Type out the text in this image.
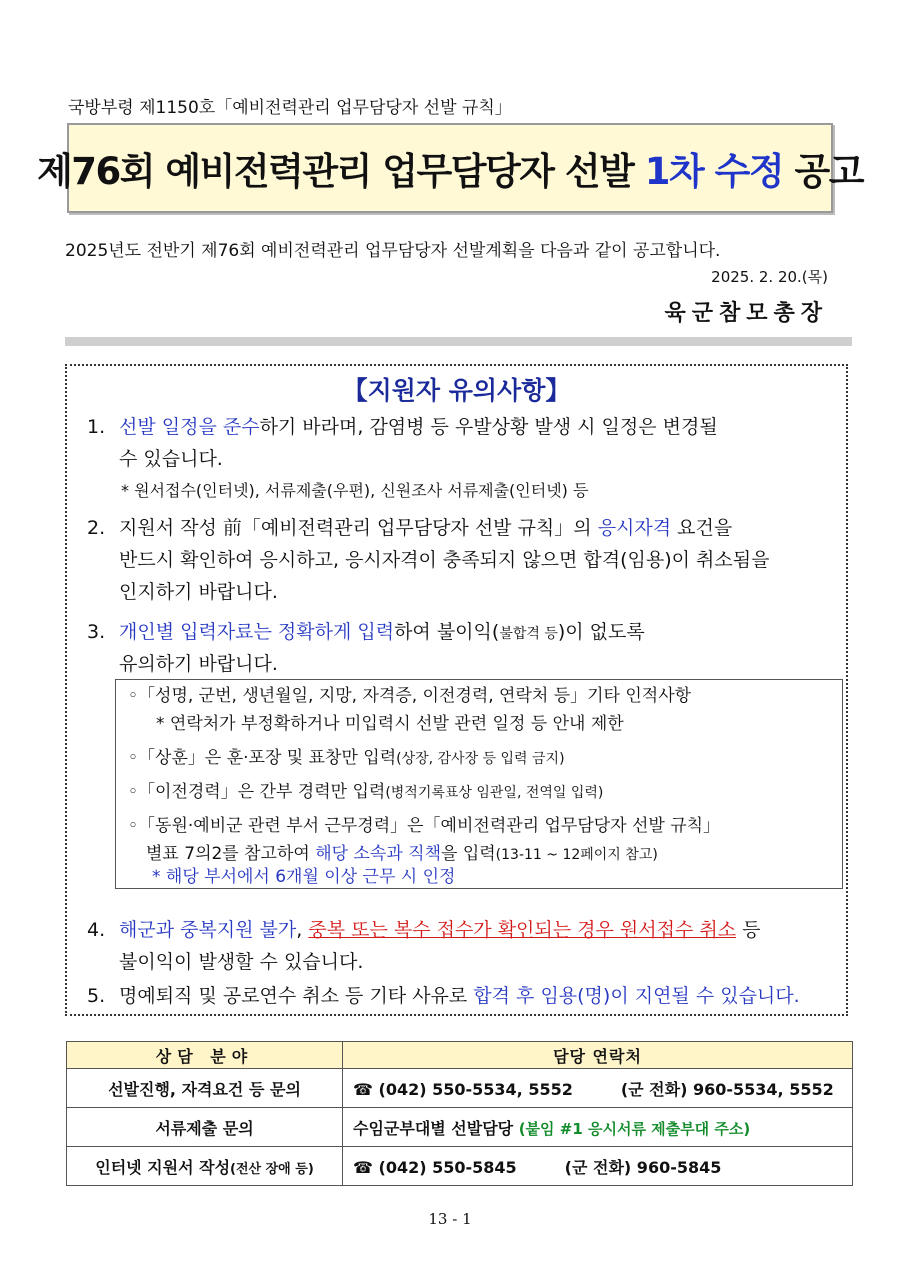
국방부령 제1150호「예비전력관리 업무담당자 선발 규칙」
제76회 예비전력관리 업무담당자 선발 1차 수정 공고
2025년도 전반기 제76회 예비전력관리 업무담당자 선발계획을 다음과 같이 공고합니다.
2025. 2. 20.(목)
육군참모총장
【지원자 유의사항】
1. 선발 일정을 준수하기 바라며, 감염병 등 우발상황 발생 시 일정은 변경될
수 있습니다.
* 원서접수(인터넷), 서류제출(우편), 신원조사 서류제출(인터넷) 등
2. 지원서 작성 前「예비전력관리 업무담당자 선발 규칙」의 응시자격 요건을
반드시 확인하여 응시하고, 응시자격이 충족되지 않으면 합격(임용)이 취소됨을
인지하기 바랍니다.
3. 개인별 입력자료는 정확하게 입력하여 불이익(불합격 등)이 없도록
유의하기 바랍니다.
◦「성명, 군번, 생년월일, 지망, 자격증, 이전경력, 연락처 등」기타 인적사항
* 연락처가 부정확하거나 미입력시 선발 관련 일정 등 안내 제한
◦「상훈」은 훈·포장 및 표창만 입력(상장, 감사장 등 입력 금지)
◦「이전경력」은 간부 경력만 입력(병적기록표상 임관일, 전역일 입력)
◦「동원·예비군 관련 부서 근무경력」은「예비전력관리 업무담당자 선발 규칙」
별표 7의2를 참고하여 해당 소속과 직책을 입력(13-11 ~ 12페이지 참고)
* 해당 부서에서 6개월 이상 근무 시 인정
4. 해군과 중복지원 불가, 중복 또는 복수 접수가 확인되는 경우 원서접수 취소 등
불이익이 발생할 수 있습니다.
5. 명예퇴직 및 공로연수 취소 등 기타 사유로 합격 후 임용(명)이 지연될 수 있습니다.
상담 분야	담당 연락처
선발진행, 자격요건 등 문의	☎ (042) 550-5534, 5552 (군 전화) 960-5534, 5552
서류제출 문의	수임군부대별 선발담당 (붙임 #1 응시서류 제출부대 주소)
인터넷 지원서 작성(전산 장애 등)	☎ (042) 550-5845 (군 전화) 960-5845
13 - 1
